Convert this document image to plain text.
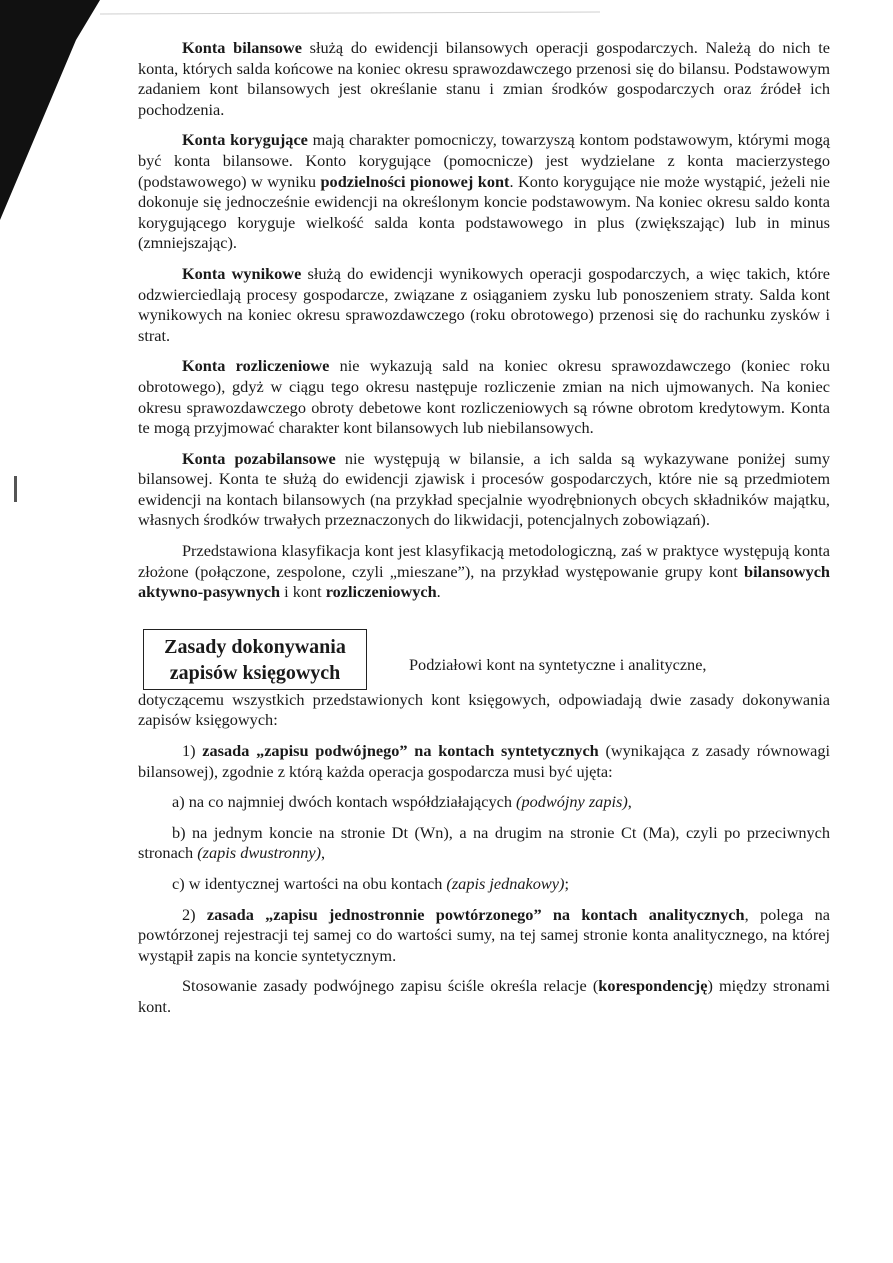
Konta bilansowe służą do ewidencji bilansowych operacji gospodarczych. Należą do nich te konta, których salda końcowe na koniec okresu sprawozdawczego przenosi się do bilansu. Podstawowym zadaniem kont bilansowych jest określanie stanu i zmian środków gospodarczych oraz źródeł ich pochodzenia.

Konta korygujące mają charakter pomocniczy, towarzyszą kontom podstawowym, którymi mogą być konta bilansowe. Konto korygujące (pomocnicze) jest wydzielane z konta macierzystego (podstawowego) w wyniku podzielności pionowej kont. Konto korygujące nie może wystąpić, jeżeli nie dokonuje się jednocześnie ewidencji na określonym koncie podstawowym. Na koniec okresu saldo konta korygującego koryguje wielkość salda konta podstawowego in plus (zwiększając) lub in minus (zmniejszając).

Konta wynikowe służą do ewidencji wynikowych operacji gospodarczych, a więc takich, które odzwierciedlają procesy gospodarcze, związane z osiąganiem zysku lub ponoszeniem straty. Salda kont wynikowych na koniec okresu sprawozdawczego (roku obrotowego) przenosi się do rachunku zysków i strat.

Konta rozliczeniowe nie wykazują sald na koniec okresu sprawozdawczego (koniec roku obrotowego), gdyż w ciągu tego okresu następuje rozliczenie zmian na nich ujmowanych. Na koniec okresu sprawozdawczego obroty debetowe kont rozliczeniowych są równe obrotom kredytowym. Konta te mogą przyjmować charakter kont bilansowych lub niebilansowych.

Konta pozabilansowe nie występują w bilansie, a ich salda są wykazywane poniżej sumy bilansowej. Konta te służą do ewidencji zjawisk i procesów gospodarczych, które nie są przedmiotem ewidencji na kontach bilansowych (na przykład specjalnie wyodrębnionych obcych składników majątku, własnych środków trwałych przeznaczonych do likwidacji, potencjalnych zobowiązań).

Przedstawiona klasyfikacja kont jest klasyfikacją metodologiczną, zaś w praktyce występują konta złożone (połączone, zespolone, czyli „mieszane”), na przykład występowanie grupy kont bilansowych aktywno-pasywnych i kont rozliczeniowych.

Zasady dokonywania
zapisów księgowych	Podziałowi kont na syntetyczne i analityczne,

dotyczącemu wszystkich przedstawionych kont księgowych, odpowiadają dwie zasady dokonywania zapisów księgowych:

1) zasada „zapisu podwójnego” na kontach syntetycznych (wynikająca z zasady równowagi bilansowej), zgodnie z którą każda operacja gospodarcza musi być ujęta:

a) na co najmniej dwóch kontach współdziałających (podwójny zapis),

b) na jednym koncie na stronie Dt (Wn), a na drugim na stronie Ct (Ma), czyli po przeciwnych stronach (zapis dwustronny),

c) w identycznej wartości na obu kontach (zapis jednakowy);

2) zasada „zapisu jednostronnie powtórzonego” na kontach analitycznych, polega na powtórzonej rejestracji tej samej co do wartości sumy, na tej samej stronie konta analitycznego, na której wystąpił zapis na koncie syntetycznym.

Stosowanie zasady podwójnego zapisu ściśle określa relacje (korespondencję) między stronami kont.
